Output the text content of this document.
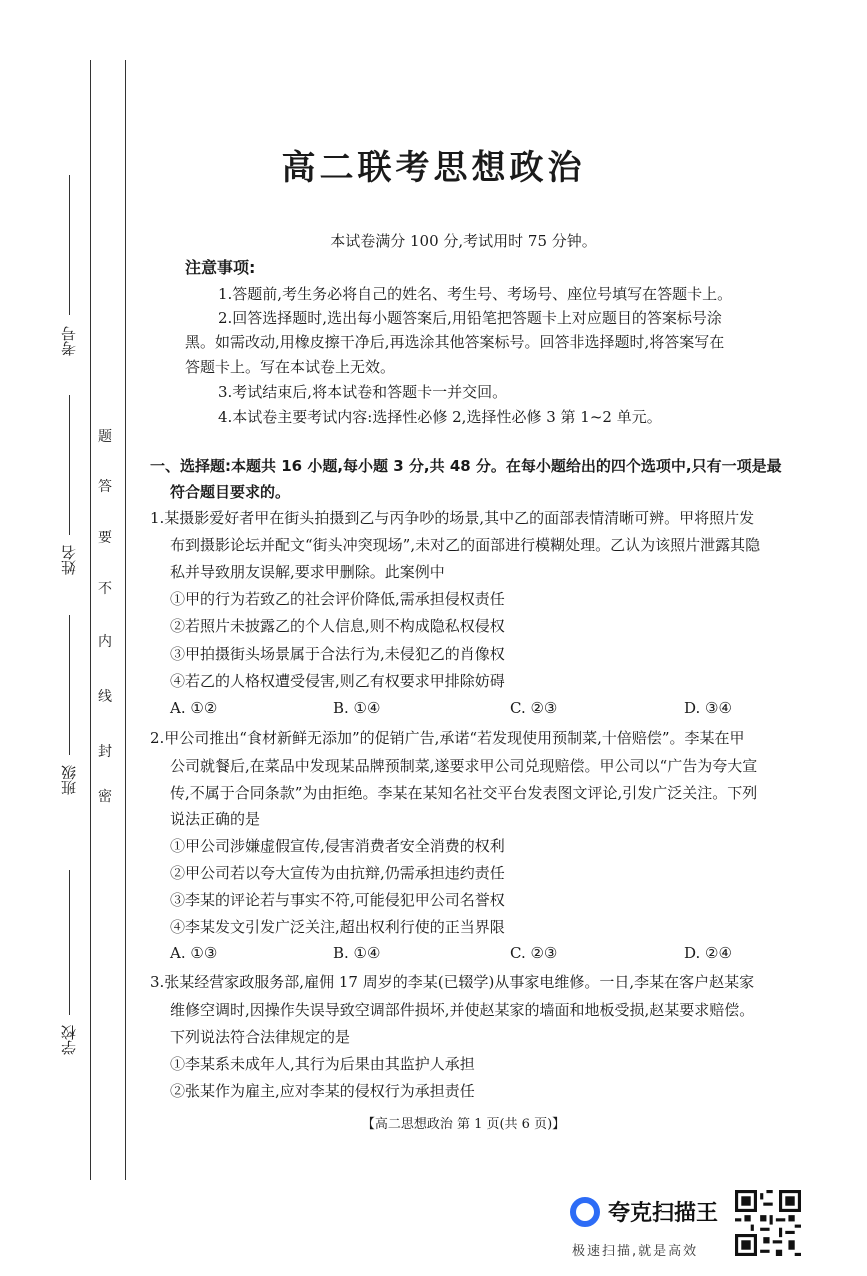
考号
姓名
班级
学校
密
封
线
内
不
要
答
题
高二联考思想政治
本试卷满分 100 分,考试用时 75 分钟。
注意事项:
1.答题前,考生务必将自己的姓名、考生号、考场号、座位号填写在答题卡上。
2.回答选择题时,选出每小题答案后,用铅笔把答题卡上对应题目的答案标号涂
黑。如需改动,用橡皮擦干净后,再选涂其他答案标号。回答非选择题时,将答案写在
答题卡上。写在本试卷上无效。
3.考试结束后,将本试卷和答题卡一并交回。
4.本试卷主要考试内容:选择性必修 2,选择性必修 3 第 1~2 单元。
一、选择题:本题共 16 小题,每小题 3 分,共 48 分。在每小题给出的四个选项中,只有一项是最
符合题目要求的。
1.某摄影爱好者甲在街头拍摄到乙与丙争吵的场景,其中乙的面部表情清晰可辨。甲将照片发
布到摄影论坛并配文“街头冲突现场”,未对乙的面部进行模糊处理。乙认为该照片泄露其隐
私并导致朋友误解,要求甲删除。此案例中
①甲的行为若致乙的社会评价降低,需承担侵权责任
②若照片未披露乙的个人信息,则不构成隐私权侵权
③甲拍摄街头场景属于合法行为,未侵犯乙的肖像权
④若乙的人格权遭受侵害,则乙有权要求甲排除妨碍
A. ①②	B. ①④	C. ②③	D. ③④
2.甲公司推出“食材新鲜无添加”的促销广告,承诺“若发现使用预制菜,十倍赔偿”。李某在甲
公司就餐后,在菜品中发现某品牌预制菜,遂要求甲公司兑现赔偿。甲公司以“广告为夸大宣
传,不属于合同条款”为由拒绝。李某在某知名社交平台发表图文评论,引发广泛关注。下列
说法正确的是
①甲公司涉嫌虚假宣传,侵害消费者安全消费的权利
②甲公司若以夸大宣传为由抗辩,仍需承担违约责任
③李某的评论若与事实不符,可能侵犯甲公司名誉权
④李某发文引发广泛关注,超出权利行使的正当界限
A. ①③	B. ①④	C. ②③	D. ②④
3.张某经营家政服务部,雇佣 17 周岁的李某(已辍学)从事家电维修。一日,李某在客户赵某家
维修空调时,因操作失误导致空调部件损坏,并使赵某家的墙面和地板受损,赵某要求赔偿。
下列说法符合法律规定的是
①李某系未成年人,其行为后果由其监护人承担
②张某作为雇主,应对李某的侵权行为承担责任
【高二思想政治 第 1 页(共 6 页)】
夸克扫描王
极速扫描,就是高效
